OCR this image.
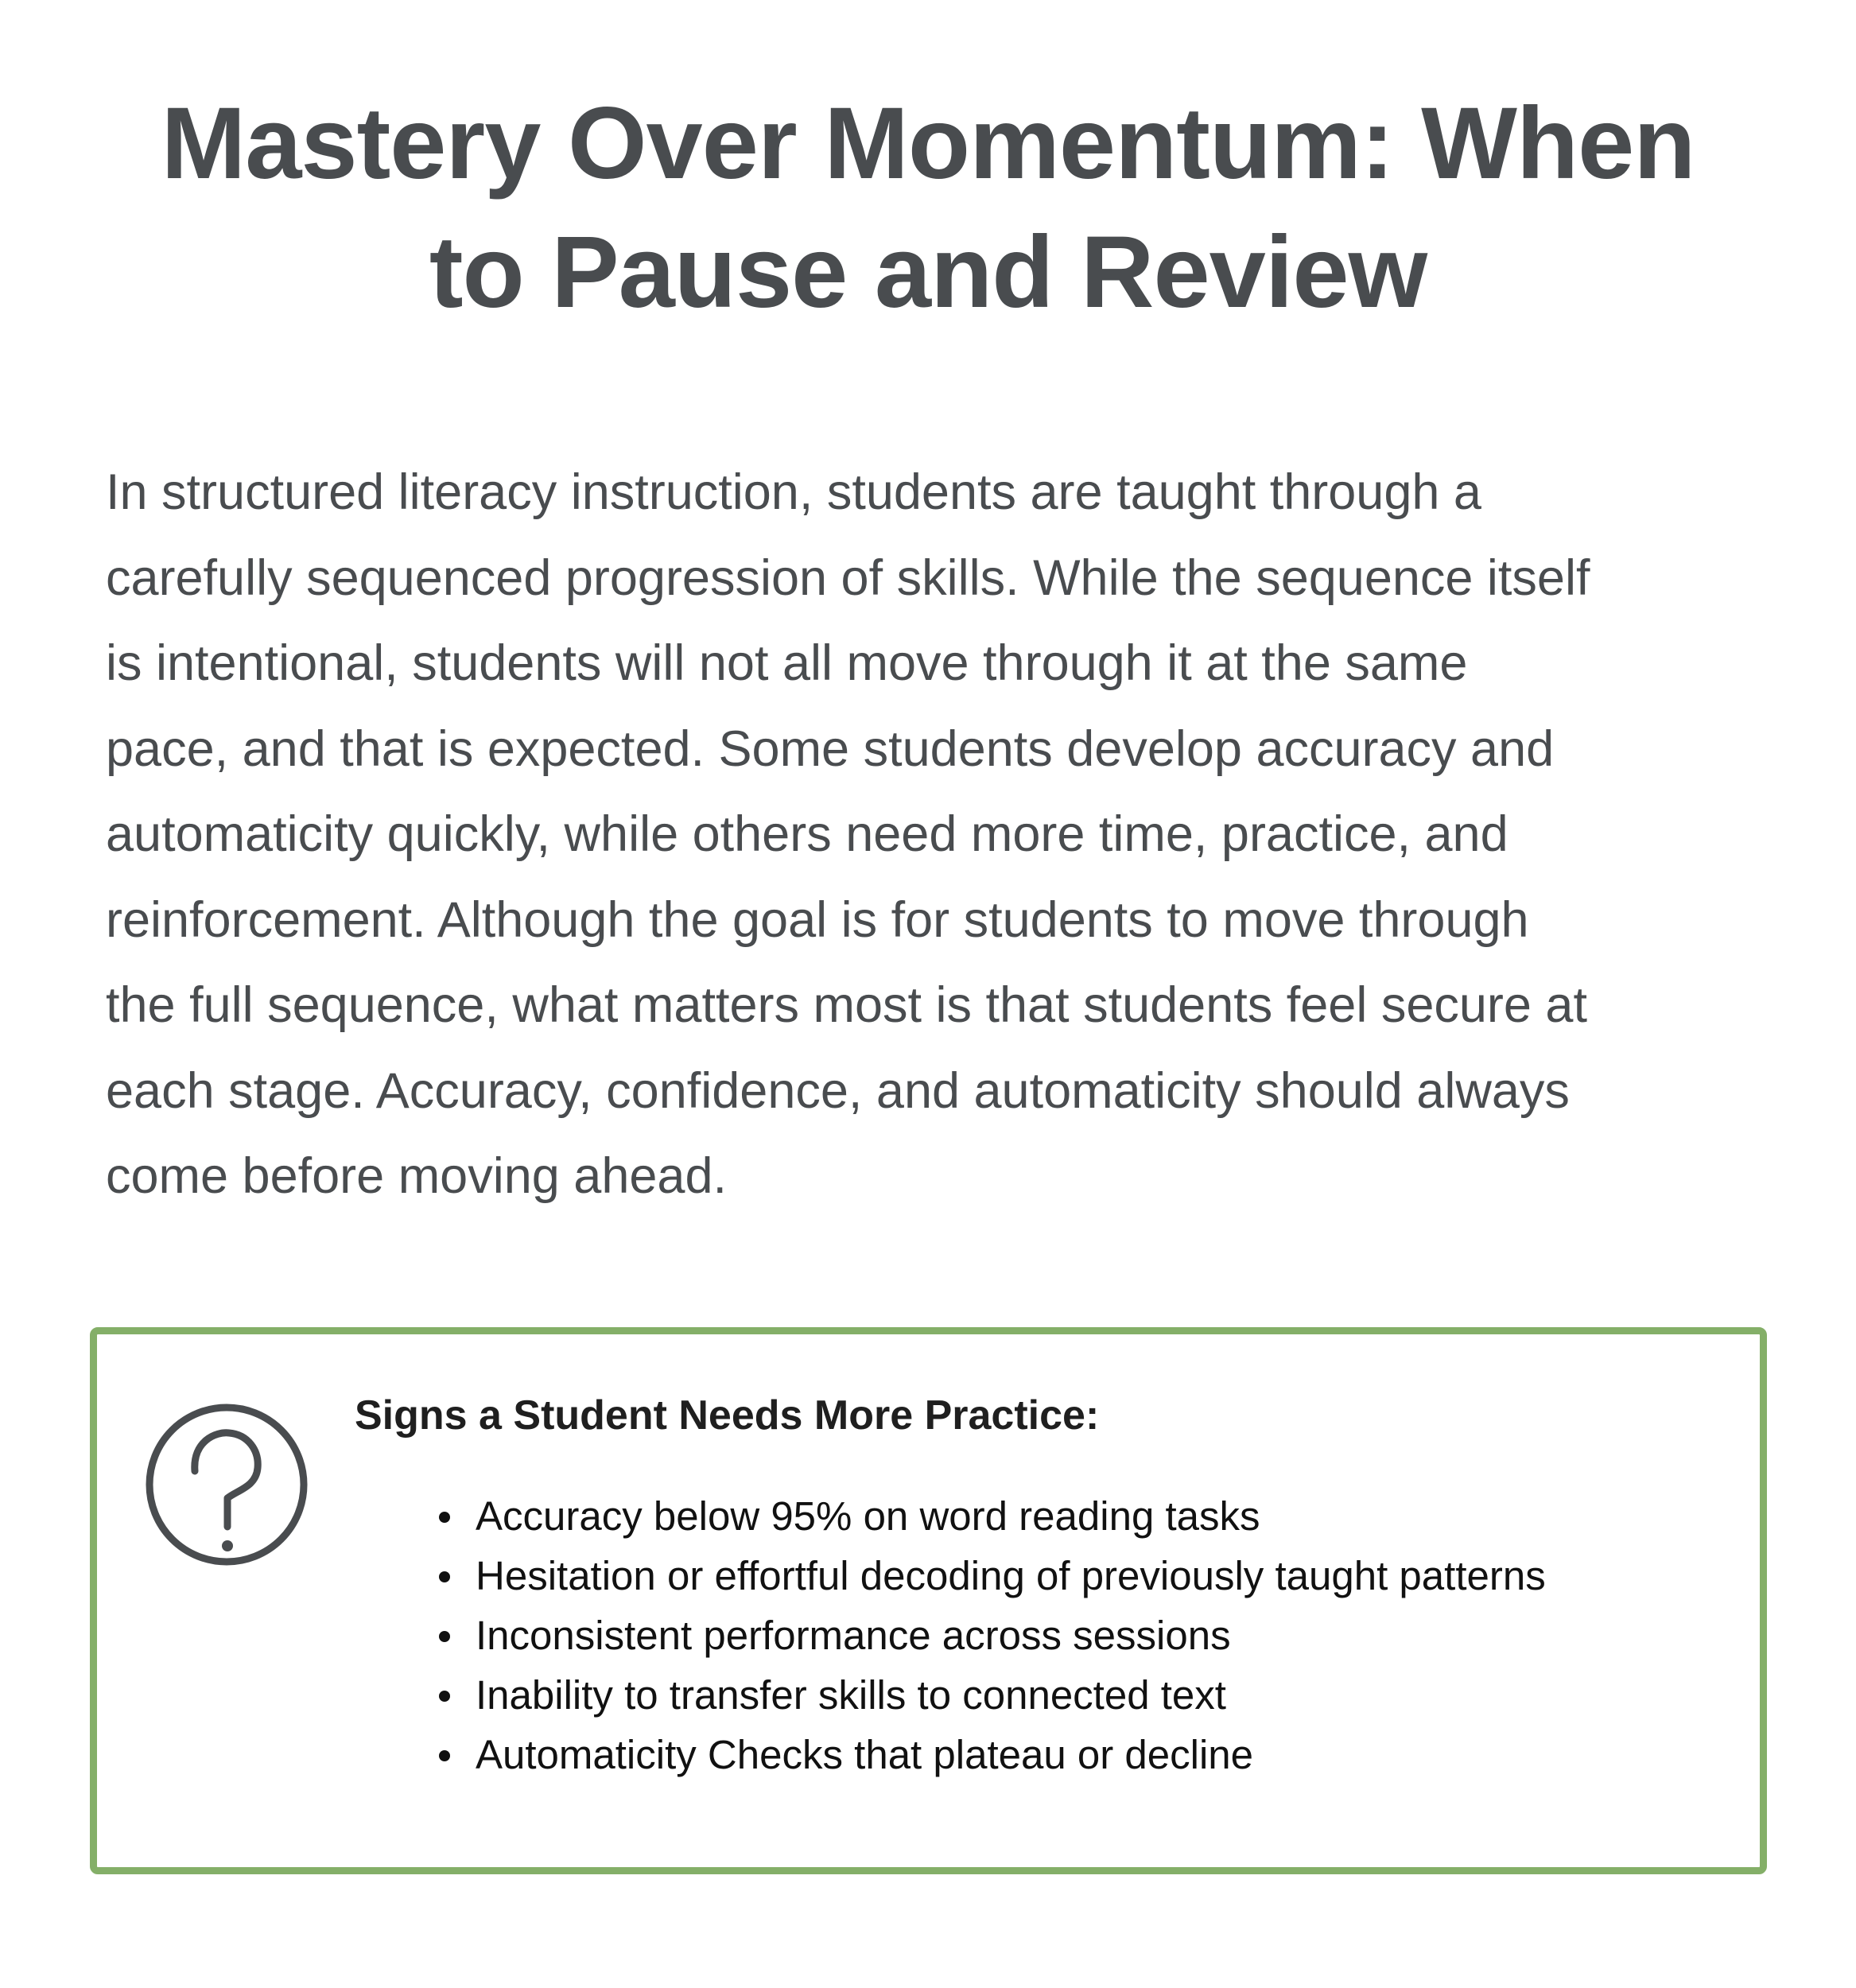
Mastery Over Momentum: When
to Pause and Review

In structured literacy instruction, students are taught through a
carefully sequenced progression of skills. While the sequence itself
is intentional, students will not all move through it at the same
pace, and that is expected. Some students develop accuracy and
automaticity quickly, while others need more time, practice, and
reinforcement. Although the goal is for students to move through
the full sequence, what matters most is that students feel secure at
each stage. Accuracy, confidence, and automaticity should always
come before moving ahead.

Signs a Student Needs More Practice:
Accuracy below 95% on word reading tasks
Hesitation or effortful decoding of previously taught patterns
Inconsistent performance across sessions
Inability to transfer skills to connected text
Automaticity Checks that plateau or decline
